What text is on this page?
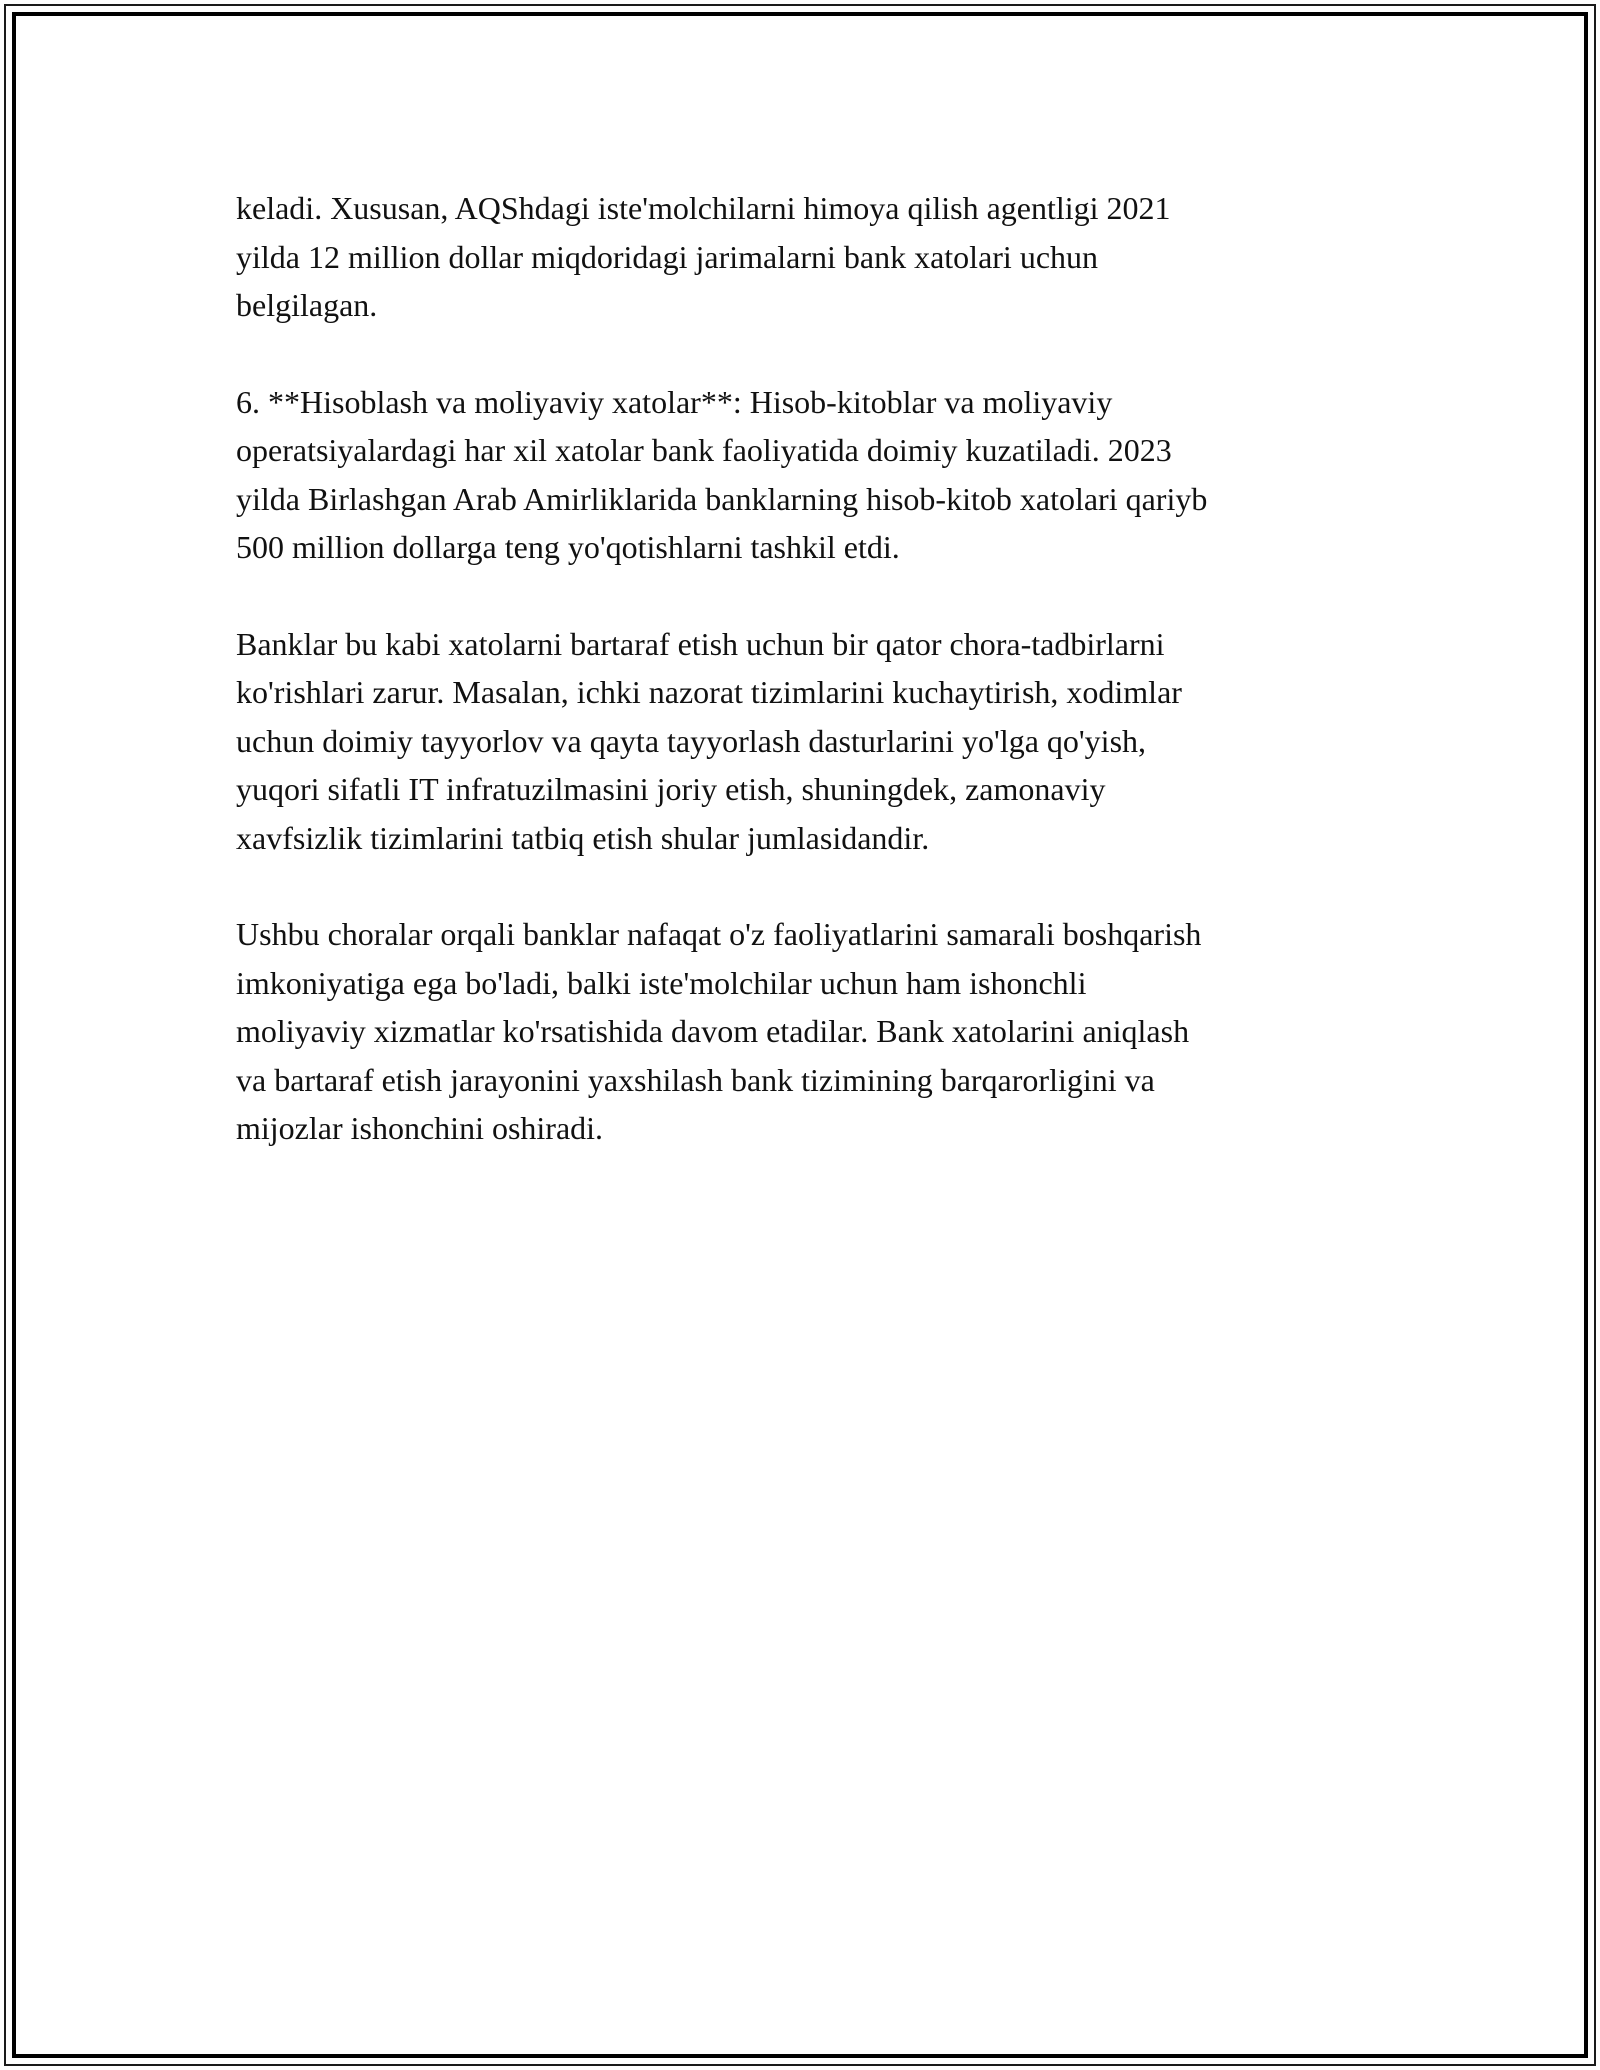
keladi. Xususan, AQShdagi iste'molchilarni himoya qilish agentligi 2021
yilda 12 million dollar miqdoridagi jarimalarni bank xatolari uchun
belgilagan.

6. **Hisoblash va moliyaviy xatolar**: Hisob-kitoblar va moliyaviy
operatsiyalardagi har xil xatolar bank faoliyatida doimiy kuzatiladi. 2023
yilda Birlashgan Arab Amirliklarida banklarning hisob-kitob xatolari qariyb
500 million dollarga teng yo'qotishlarni tashkil etdi.

Banklar bu kabi xatolarni bartaraf etish uchun bir qator chora-tadbirlarni
ko'rishlari zarur. Masalan, ichki nazorat tizimlarini kuchaytirish, xodimlar
uchun doimiy tayyorlov va qayta tayyorlash dasturlarini yo'lga qo'yish,
yuqori sifatli IT infratuzilmasini joriy etish, shuningdek, zamonaviy
xavfsizlik tizimlarini tatbiq etish shular jumlasidandir.

Ushbu choralar orqali banklar nafaqat o'z faoliyatlarini samarali boshqarish
imkoniyatiga ega bo'ladi, balki iste'molchilar uchun ham ishonchli
moliyaviy xizmatlar ko'rsatishida davom etadilar. Bank xatolarini aniqlash
va bartaraf etish jarayonini yaxshilash bank tizimining barqarorligini va
mijozlar ishonchini oshiradi.
